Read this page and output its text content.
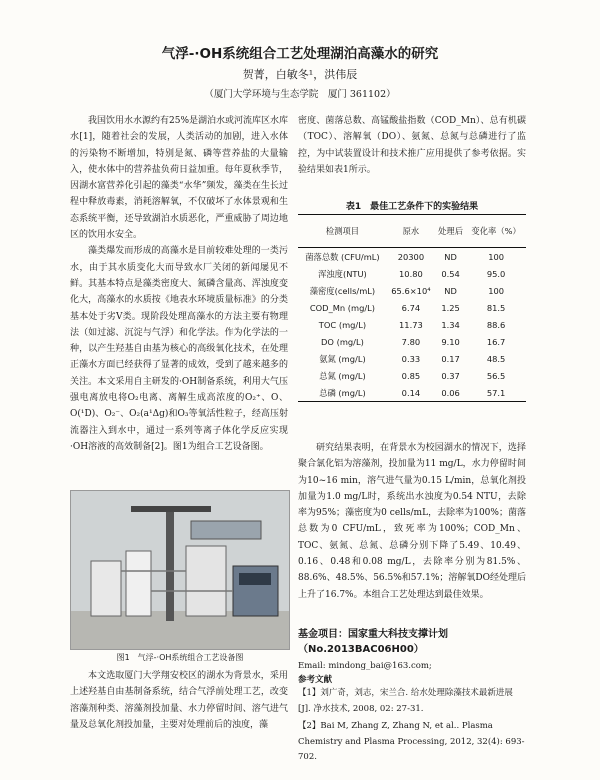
气浮-·OH系统组合工艺处理湖泊高藻水的研究
贺菁，白敏冬¹，洪伟辰
（厦门大学环境与生态学院　厦门 361102）

我国饮用水水源约有25%是湖泊水或河流库区水库水[1]，随着社会的发展，人类活动的加剧，进入水体的污染物不断增加，特别是氮、磷等营养盐的大量输入，使水体中的营养盐负荷日益加重。每年夏秋季节，因湖水富营养化引起的藻类“水华”频发，藻类在生长过程中释放毒素，消耗溶解氧，不仅破坏了水体景观和生态系统平衡，还导致湖泊水质恶化，严重威胁了周边地区的饮用水安全。

藻类爆发而形成的高藻水是目前较难处理的一类污水，由于其水质变化大而导致水厂关闭的新闻屡见不鲜。其基本特点是藻类密度大、氮磷含量高、浑浊度变化大，高藻水的水质按《地表水环境质量标准》的分类基本处于劣V类。现阶段处理高藻水的方法主要有物理法（如过滤、沉淀与气浮）和化学法。作为化学法的一种，以产生羟基自由基为核心的高级氧化技术，在处理正藻水方面已经获得了显著的成效，受到了越来越多的关注。本文采用自主研发的·OH制备系统，利用大气压强电离放电将O₂电离、离解生成高浓度的O₂⁺、O、O(¹D)、O₂⁻、O₂(a¹Δg)和O₃等氧活性粒子，经高压射流器注入到水中，通过一系列等离子体化学反应实现·OH溶液的高效制备[2]。图1为组合工艺设备图。

图1　气浮-·OH系统组合工艺设备图

本文选取厦门大学翔安校区的湖水为背景水，采用上述羟基自由基制备系统，结合气浮前处理工艺，改变溶藻剂种类、溶藻剂投加量、水力停留时间、溶气进气量及总氧化剂投加量，主要对处理前后的浊度，藻

密度、菌落总数、高锰酸盐指数（COD_Mn）、总有机碳（TOC）、溶解氧（DO）、氨氮、总氮与总磷进行了监控，为中试装置设计和技术推广应用提供了参考依据。实验结果如表1所示。

表1　最佳工艺条件下的实验结果
检测项目	原水	处理后	变化率（%）
菌落总数 (CFU/mL)	20300	ND	100
浑浊度(NTU)	10.80	0.54	95.0
藻密度(cells/mL)	65.6×10⁴	ND	100
COD_Mn (mg/L)	6.74	1.25	81.5
TOC (mg/L)	11.73	1.34	88.6
DO (mg/L)	7.80	9.10	16.7
氨氮 (mg/L)	0.33	0.17	48.5
总氮 (mg/L)	0.85	0.37	56.5
总磷 (mg/L)	0.14	0.06	57.1

研究结果表明，在背景水为校园湖水的情况下，选择聚合氯化铝为溶藻剂，投加量为11 mg/L，水力停留时间为10~16 min，溶气进气量为0.15 L/min，总氧化剂投加量为1.0 mg/L时，系统出水浊度为0.54 NTU，去除率为95%；藻密度为0 cells/mL，去除率为100%；菌落总数为0 CFU/mL，致死率为100%；COD_Mn、TOC、氨氮、总氮、总磷分别下降了5.49、10.49、0.16、0.48和0.08 mg/L，去除率分别为81.5%、88.6%、48.5%、56.5%和57.1%；溶解氧DO经处理后上升了16.7%。本组合工艺处理达到最佳效果。

基金项目：国家重大科技支撑计划（No.2013BAC06H00）
Email: mindong_bai@163.com;
参考文献
【1】刘广奇，刘志，宋兰合. 给水处理除藻技术最新进展 [J]. 净水技术, 2008, 02: 27-31.
【2】Bai M, Zhang Z, Zhang N, et al.. Plasma Chemistry and Plasma Processing, 2012, 32(4): 693-702.
